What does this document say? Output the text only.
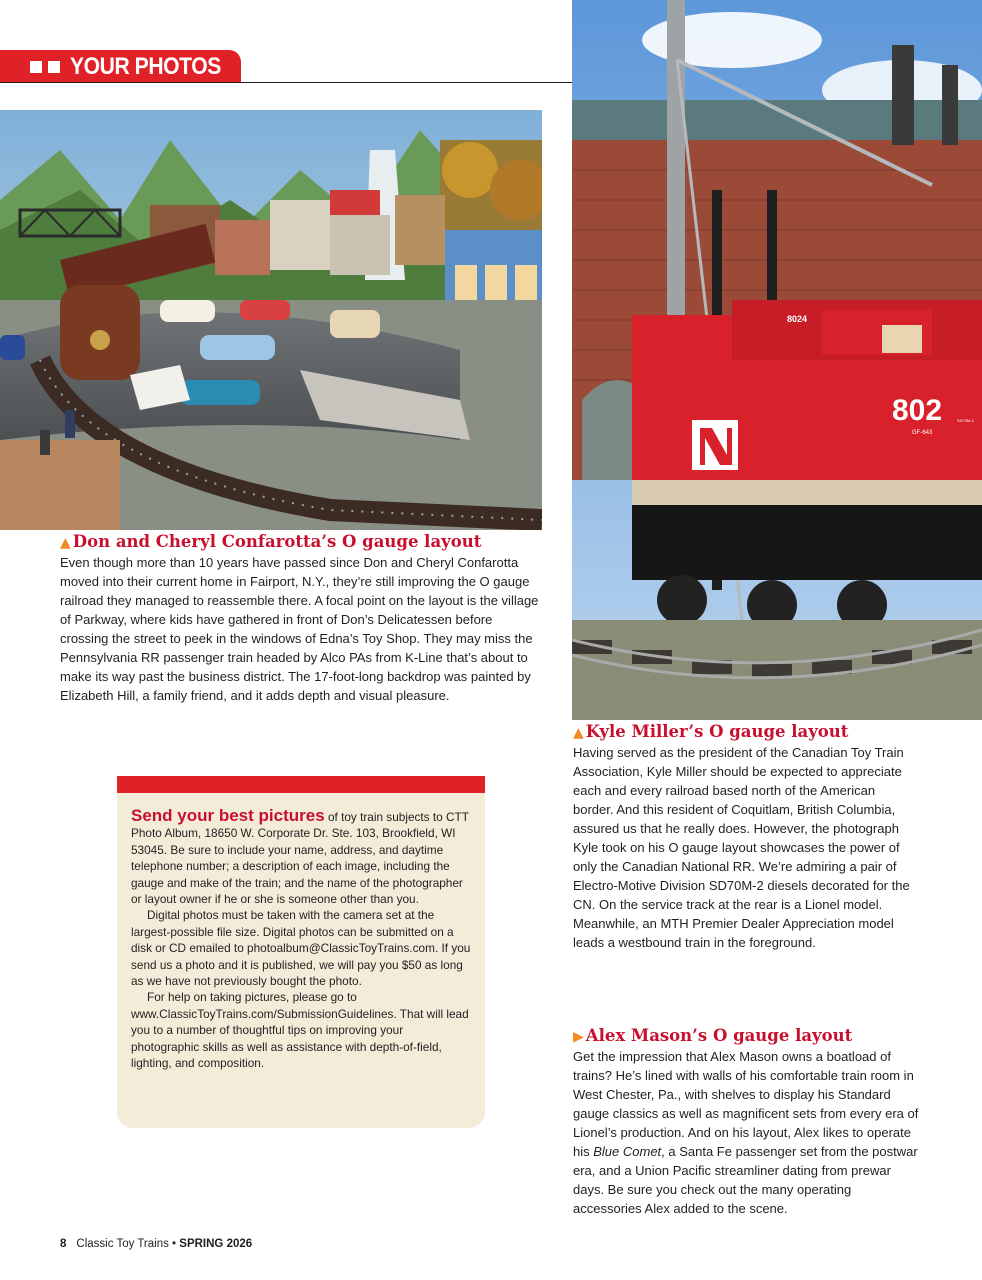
YOUR PHOTOS
8024
802
GF-643
SD70M-2
▲ Don and Cheryl Confarotta’s O gauge layout
Even though more than 10 years have passed since Don and Cheryl Confarotta moved into their current home in Fairport, N.Y., they’re still improving the O gauge railroad they managed to reassemble there. A focal point on the layout is the village of Parkway, where kids have gathered in front of Don’s Delicatessen before crossing the street to peek in the windows of Edna’s Toy Shop. They may miss the Pennsylvania RR passenger train headed by Alco PAs from K-Line that’s about to make its way past the business district. The 17-foot-long backdrop was painted by Elizabeth Hill, a family friend, and it adds depth and visual pleasure.
▲ Kyle Miller’s O gauge layout
Having served as the president of the Canadian Toy Train Association, Kyle Miller should be expected to appreciate each and every railroad based north of the American border. And this resident of Coquitlam, British Columbia, assured us that he really does. However, the photograph Kyle took on his O gauge layout showcases the power of only the Canadian National RR. We’re admiring a pair of Electro-Motive Division SD70M-2 diesels decorated for the CN. On the service track at the rear is a Lionel model. Meanwhile, an MTH Premier Dealer Appreciation model leads a westbound train in the foreground.
▶ Alex Mason’s O gauge layout
Get the impression that Alex Mason owns a boatload of trains? He’s lined with walls of his comfortable train room in West Chester, Pa., with shelves to display his Standard gauge classics as well as magnificent sets from every era of Lionel’s production. And on his layout, Alex likes to operate his Blue Comet, a Santa Fe passenger set from the postwar era, and a Union Pacific streamliner dating from prewar days. Be sure you check out the many operating accessories Alex added to the scene.

Send your best pictures of toy train subjects to CTT Photo Album, 18650 W. Corporate Dr. Ste. 103, Brookfield, WI 53045. Be sure to include your name, address, and daytime telephone number; a description of each image, including the gauge and make of the train; and the name of the photographer or layout owner if he or she is someone other than you.

Digital photos must be taken with the camera set at the largest-possible file size. Digital photos can be submitted on a disk or CD emailed to photoalbum@ClassicToyTrains.com. If you send us a photo and it is published, we will pay you $50 as long as we have not previously bought the photo.

For help on taking pictures, please go to www.ClassicToyTrains.com/SubmissionGuidelines. That will lead you to a number of thoughtful tips on improving your photographic skills as well as assistance with depth-of-field, lighting, and composition.

8 Classic Toy Trains • SPRING 2026
